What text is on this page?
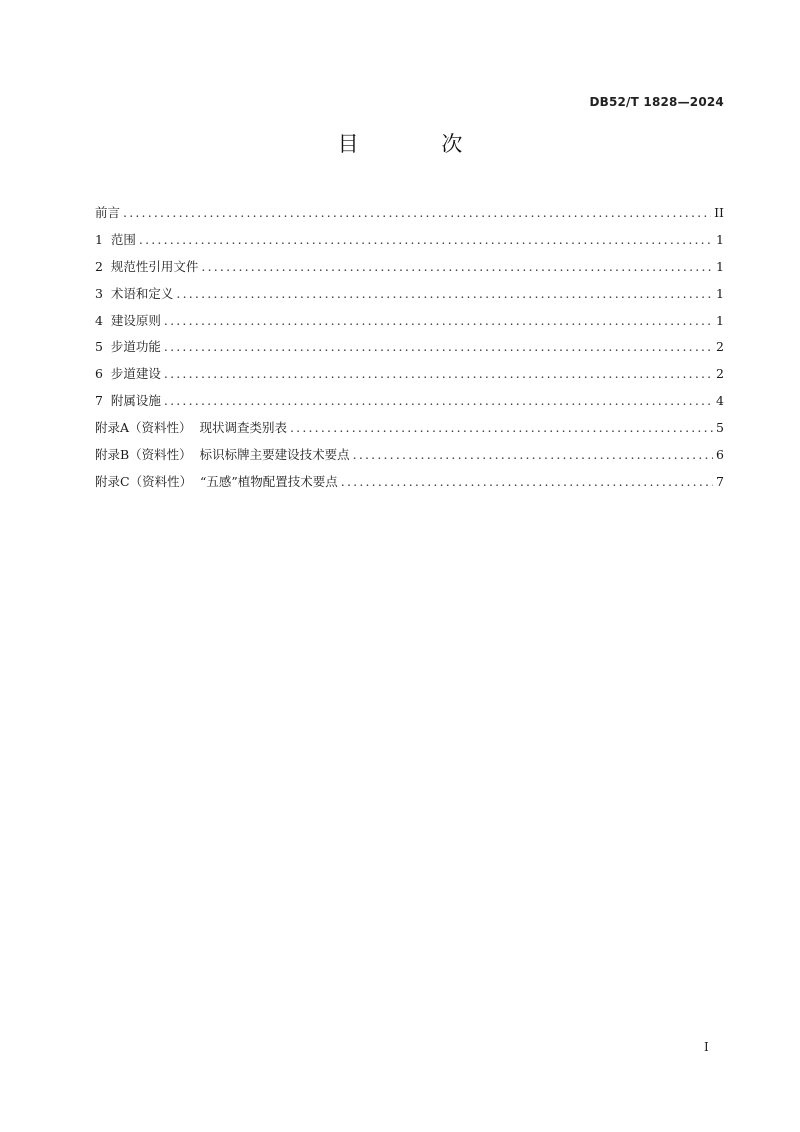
DB52/T 1828—2024
目 次
前言 .....	II
1  范围 .....	1
2  规范性引用文件 .....	1
3  术语和定义 .....	1
4  建设原则 .....	1
5  步道功能 .....	2
6  步道建设 .....	2
7  附属设施 .....	4
附录A（资料性）  现状调查类别表 .....	5
附录B（资料性）  标识标牌主要建设技术要点 .....	6
附录C（资料性）  “五感”植物配置技术要点 .....	7
I
